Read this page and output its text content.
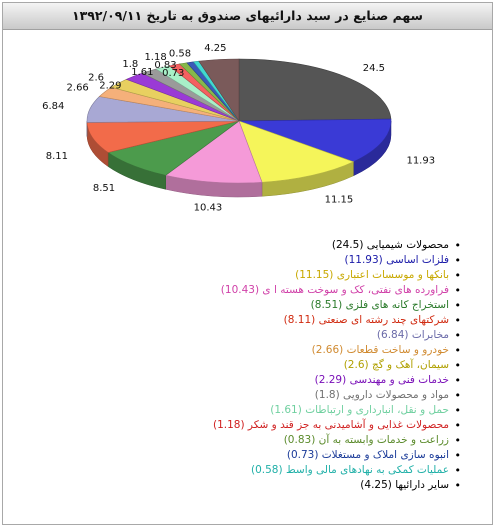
سهم صنایع در سبد دارائیهای صندوق به تاریخ ۱۳۹۲/۰۹/۱۱
24.5
11.93
11.15
10.43
8.51
8.11
6.84
2.66
2.6
2.29
1.8
1.61
1.18
0.83
0.73
0.58 4.25
•
محصولات شیمیایی (24.5)
•
فلزات اساسی (11.93)
•
بانکها و موسسات اعتباری (11.15)
•
فراورده های نفتی، کک و سوخت هسته ا ی (10.43)
•
استخراج کانه های فلزی (8.51)
•
شرکتهای چند رشته ای صنعتی (8.11)
•
مخابرات (6.84)
•
خودرو و ساخت قطعات (2.66)
•
سیمان، آهک و گچ (2.6)
•
خدمات فنی و مهندسی (2.29)
•
مواد و محصولات دارویی (1.8)
•
حمل و نقل، انبارداری و ارتباطات (1.61)
•
محصولات غذایی و آشامیدنی به جز قند و شکر (1.18)
•
زراعت و خدمات وابسته به آن (0.83)
•
انبوه سازی املاک و مستغلات (0.73)
•
عملیات کمکی به نهادهای مالی واسط (0.58)
•
سایر دارائیها (4.25)
